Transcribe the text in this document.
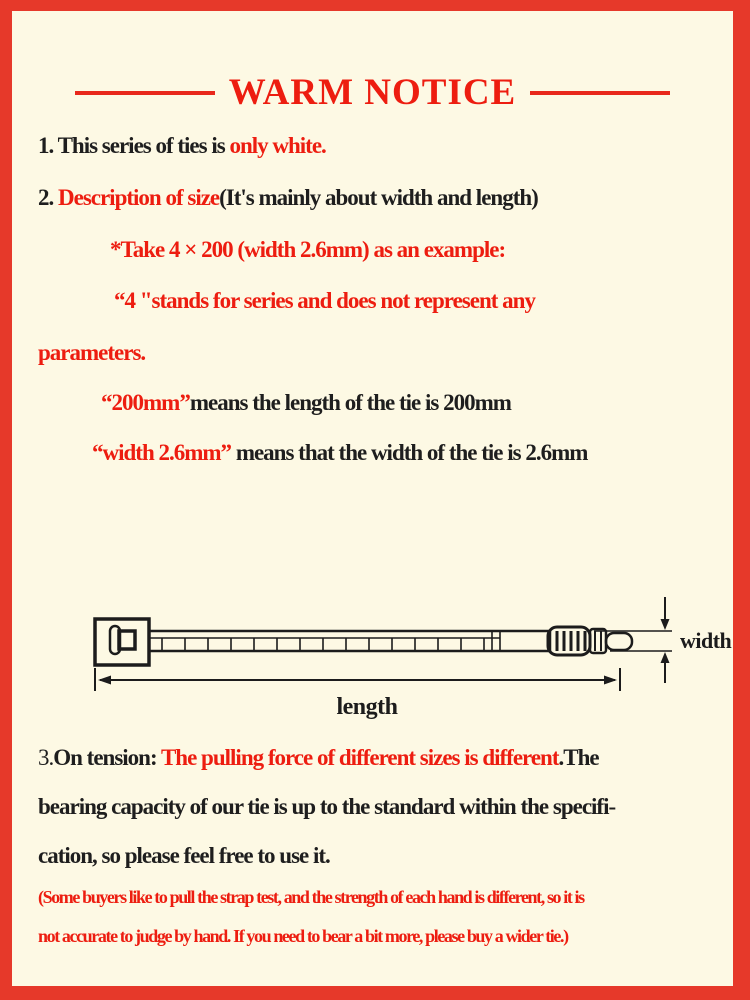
WARM NOTICE
1. This series of ties is only white.
2. Description of size(It's mainly about width and length)
*Take 4 × 200 (width 2.6mm) as an example:
“4 "stands for series and does not represent any
parameters.
“200mm”means the length of the tie is 200mm
“width 2.6mm” means that the width of the tie is 2.6mm
width
length
3.On tension: The pulling force of different sizes is different.The
bearing capacity of our tie is up to the standard within the specifi-
cation, so please feel free to use it.
(Some buyers like to pull the strap test, and the strength of each hand is different, so it is
not accurate to judge by hand. If you need to bear a bit more, please buy a wider tie.)
